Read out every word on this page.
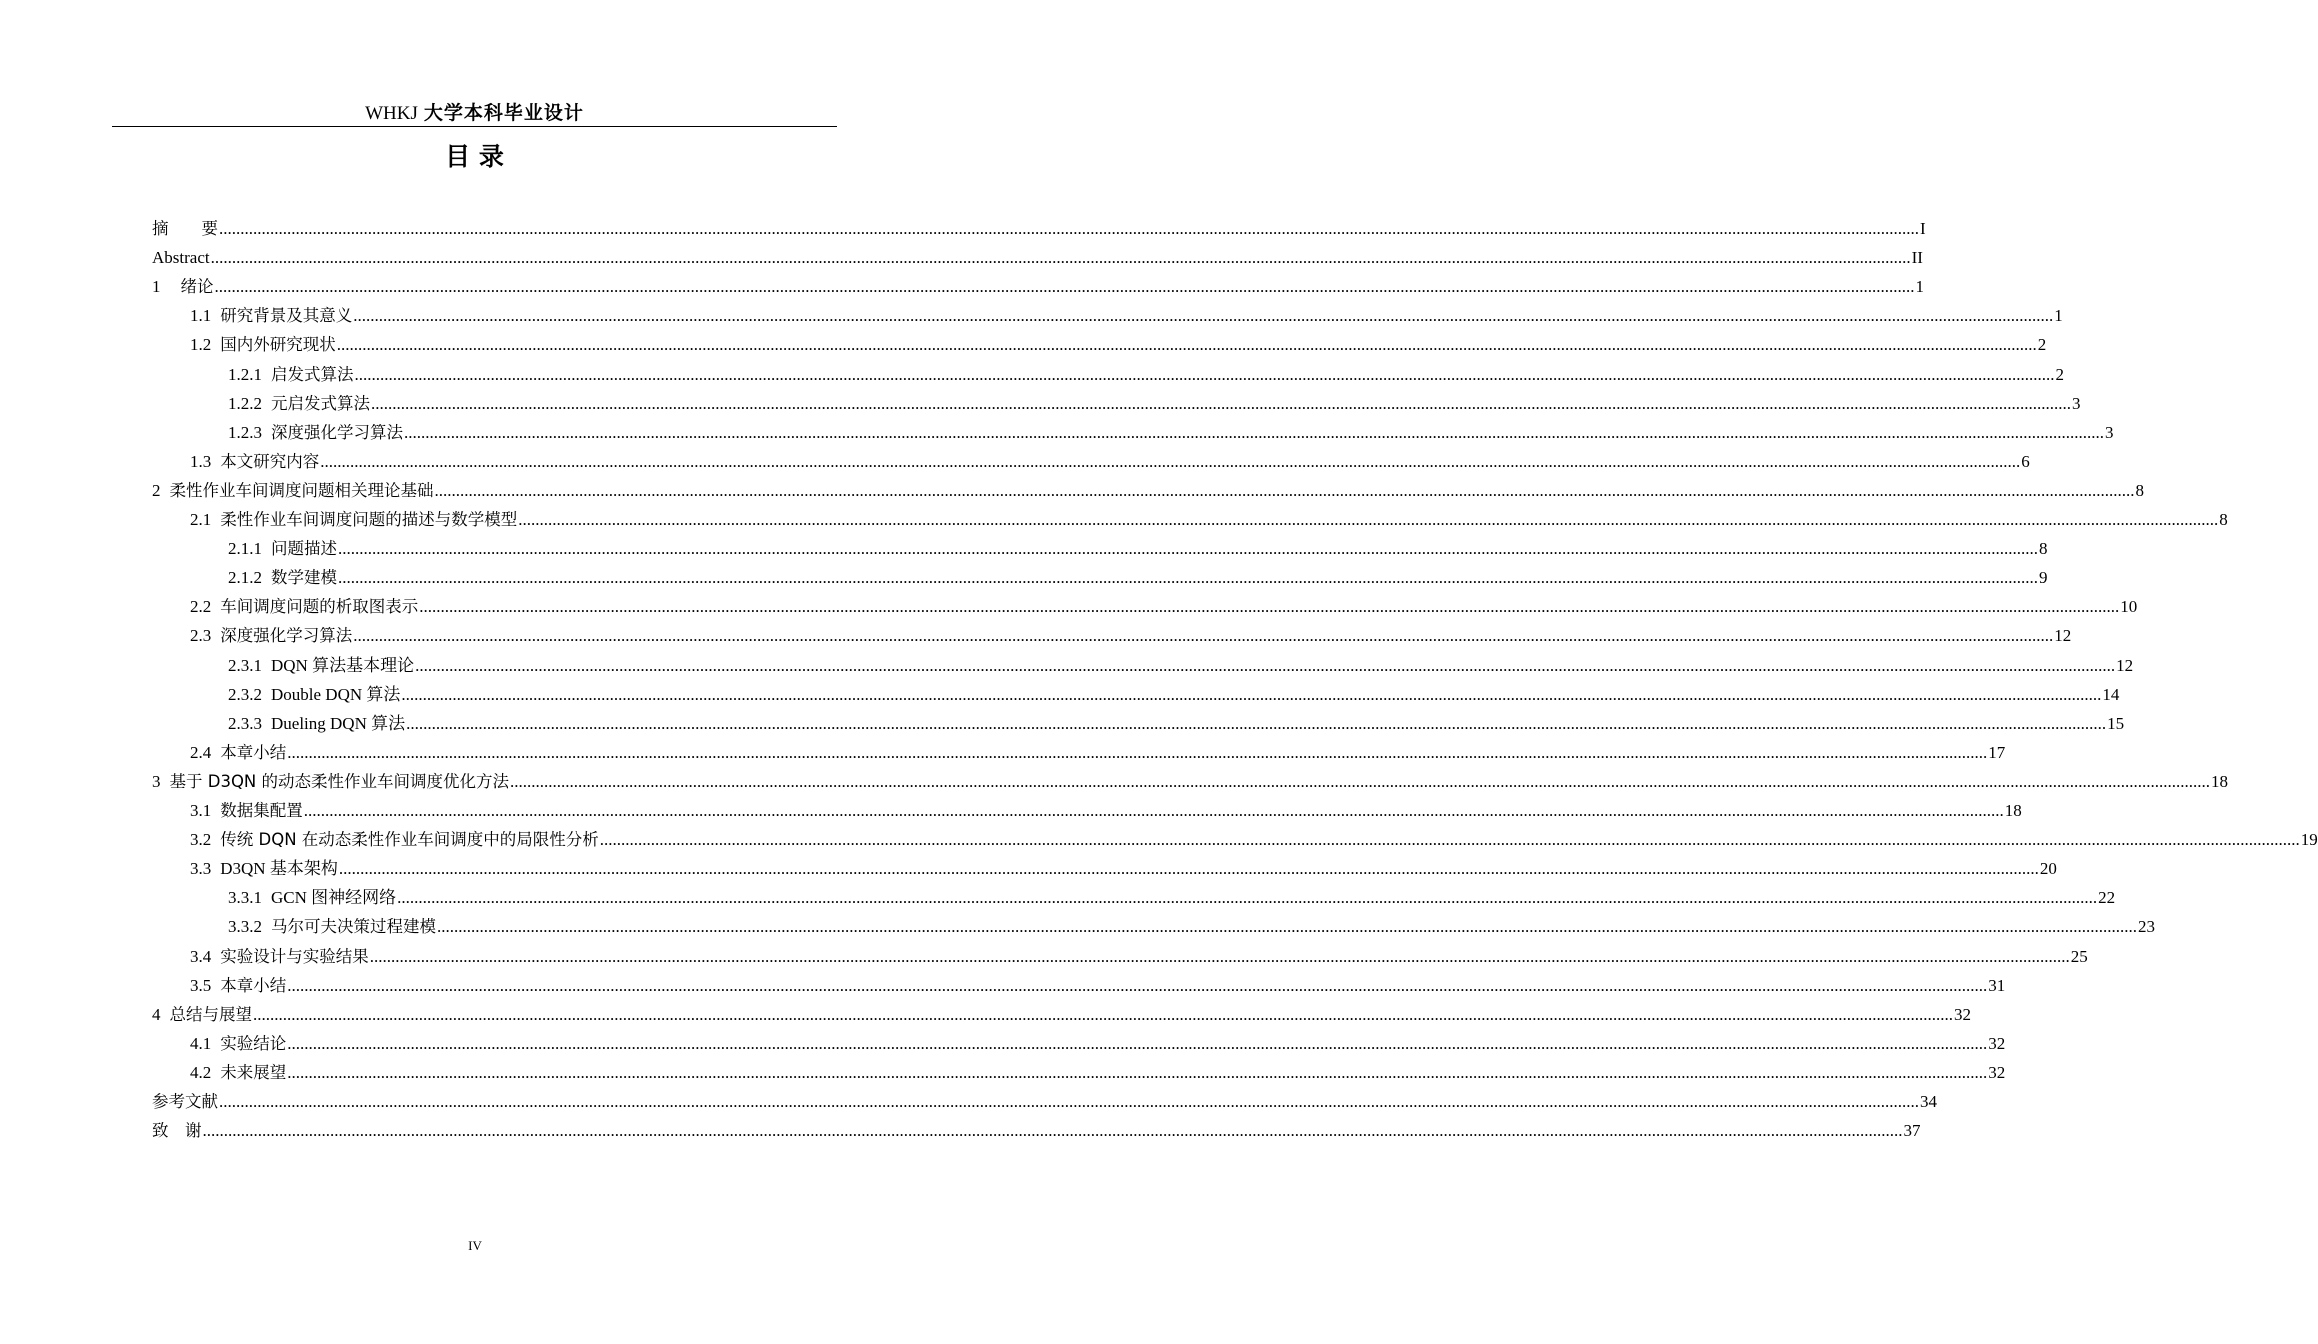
WHKJ 大学本科毕业设计
目 录
摘　　要 ................................................................................................................................................................................................................................................................................................................................................................................................................ I
Abstract ................................................................................................................................................................................................................................................................................................................................................................................................................ II
1 绪论 ................................................................................................................................................................................................................................................................................................................................................................................................................ 1
1.1 研究背景及其意义 ................................................................................................................................................................................................................................................................................................................................................................................................................ 1
1.2 国内外研究现状 ................................................................................................................................................................................................................................................................................................................................................................................................................ 2
1.2.1 启发式算法 ................................................................................................................................................................................................................................................................................................................................................................................................................ 2
1.2.2 元启发式算法 ................................................................................................................................................................................................................................................................................................................................................................................................................ 3
1.2.3 深度强化学习算法 ................................................................................................................................................................................................................................................................................................................................................................................................................ 3
1.3 本文研究内容 ................................................................................................................................................................................................................................................................................................................................................................................................................ 6
2 柔性作业车间调度问题相关理论基础 ................................................................................................................................................................................................................................................................................................................................................................................................................ 8
2.1 柔性作业车间调度问题的描述与数学模型 ................................................................................................................................................................................................................................................................................................................................................................................................................ 8
2.1.1 问题描述 ................................................................................................................................................................................................................................................................................................................................................................................................................ 8
2.1.2 数学建模 ................................................................................................................................................................................................................................................................................................................................................................................................................ 9
2.2 车间调度问题的析取图表示 ................................................................................................................................................................................................................................................................................................................................................................................................................ 10
2.3 深度强化学习算法 ................................................................................................................................................................................................................................................................................................................................................................................................................ 12
2.3.1 DQN 算法基本理论 ................................................................................................................................................................................................................................................................................................................................................................................................................ 12
2.3.2 Double DQN 算法 ................................................................................................................................................................................................................................................................................................................................................................................................................ 14
2.3.3 Dueling DQN 算法 ................................................................................................................................................................................................................................................................................................................................................................................................................ 15
2.4 本章小结 ................................................................................................................................................................................................................................................................................................................................................................................................................ 17
3 基于 D3QN 的动态柔性作业车间调度优化方法 ................................................................................................................................................................................................................................................................................................................................................................................................................ 18
3.1 数据集配置 ................................................................................................................................................................................................................................................................................................................................................................................................................ 18
3.2 传统 DQN 在动态柔性作业车间调度中的局限性分析 ................................................................................................................................................................................................................................................................................................................................................................................................................ 19
3.3 D3QN 基本架构 ................................................................................................................................................................................................................................................................................................................................................................................................................ 20
3.3.1 GCN 图神经网络 ................................................................................................................................................................................................................................................................................................................................................................................................................ 22
3.3.2 马尔可夫决策过程建模 ................................................................................................................................................................................................................................................................................................................................................................................................................ 23
3.4 实验设计与实验结果 ................................................................................................................................................................................................................................................................................................................................................................................................................ 25
3.5 本章小结 ................................................................................................................................................................................................................................................................................................................................................................................................................ 31
4 总结与展望 ................................................................................................................................................................................................................................................................................................................................................................................................................ 32
4.1 实验结论 ................................................................................................................................................................................................................................................................................................................................................................................................................ 32
4.2 未来展望 ................................................................................................................................................................................................................................................................................................................................................................................................................ 32
参考文献 ................................................................................................................................................................................................................................................................................................................................................................................................................ 34
致　谢 ................................................................................................................................................................................................................................................................................................................................................................................................................ 37
IV
